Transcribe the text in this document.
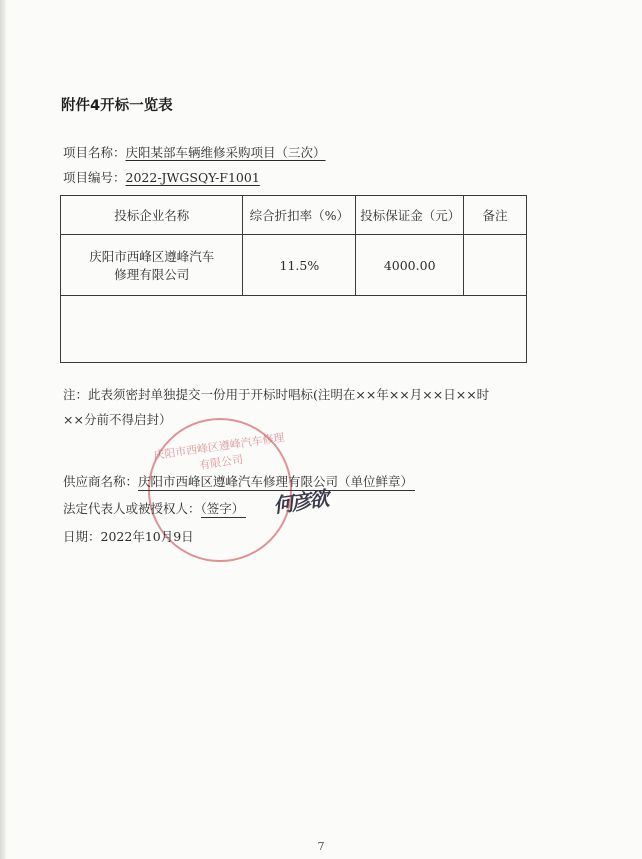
附件4开标一览表
项目名称：庆阳某部车辆维修采购项目（三次）
项目编号：2022-JWGSQY-F1001
投标企业名称	综合折扣率（%）	投标保证金（元）	备注

庆阳市西峰区遵峰汽车
修理有限公司	11.5%	4000.00	

注：此表须密封单独提交一份用于开标时唱标(注明在××年××月××日××时
××分前不得启封）
庆阳市西峰区遵峰汽车修理有限公司
供应商名称：庆阳市西峰区遵峰汽车修理有限公司（单位鲜章）
法定代表人或被授权人：（签字） 何彦欲
日期：2022年10月9日
7
